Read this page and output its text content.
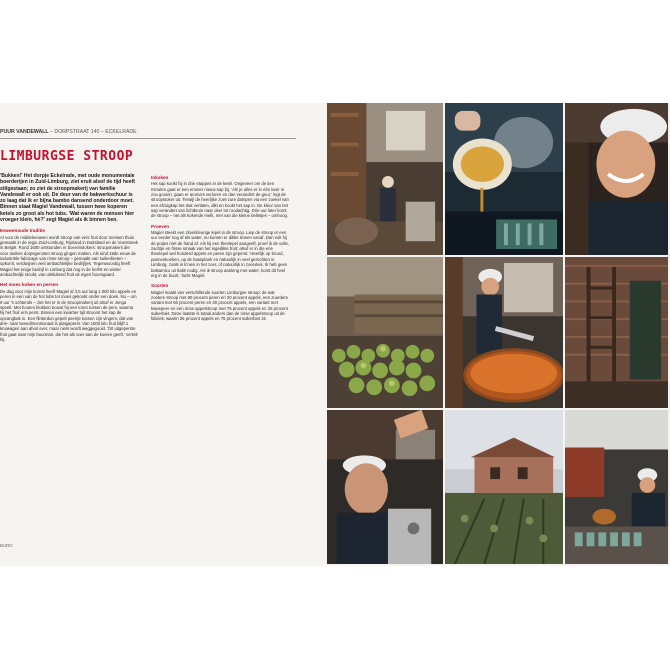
PUUR VANDEWALL – DORPSTRAAT 140 – ECKELRADE
LIMBURGSE STROOP

'Bukken!' Het dorpje Eckelrade, met oude monumentale boerderijen in Zuid-Limburg, ziet eruit alsof de tijd heeft stilgestaan; zo ziet de stroopmakerij van familie Vandewall er ook uit. De deur van de bakwerkschuur is zo laag dat ik er bijna bambo dansend onderdoor moet. Binnen staat Magiel Vandewall, tussen twee koperen ketels zo groot als hot tubs. 'Wat waren de mensen hier vroeger klein, hè?' zegt Magiel als ik binnen ben.

Eeuwenoude traditie

Al voor de middeleeuwen wordt stroop van vers fruit door mensen thuis gemaakt in de regio Zuid-Limburg, Rijnland in Duitsland en de Voerstreek in België. Rond 1600 ontstonden er boerenstokers: stroopmakers die voor andere dorpsgenoten stroop gingen maken. Als eind 19de eeuw de industriële fabricage van rinse stroop – gemaakt van suikerbieten – opkomt, verdwijnen veel ambachtelijke bedrijfjes. Tegenwoordig heeft Magiel het enige bedrijf in Limburg dat nog in de herfst en winter ambachtelijk stookt, van uitsluitend fruit uit eigen boomgaard.

Het moes koken en persen

De dag voor mijn komst heeft Magiel al 3,5 uur lang 1.000 kilo appels en peren in een van de hot tubs tot moes gekookt onder een doek. Nu – om 9 uur 's ochtends – ziet het er in de stroopmakerij uit alsof er Jenga speelt. Met houten blokken bouwt hij een toren tussen de pers, waarna hij het fruit erin perst. Binnen een kwartier tijd stroomt het sap de opvangbak in. Een flinterdun gepelt peertje tussen zijn vingers, dat van drie- naar tweedimensionaal is platgeperst. Van 1000 kilo fruit blijft 1 kruiwagen aan afval over, maar niets wordt weggegooid. 'Dit uitgeperste fruit gaat naar mijn buurman, die het als voer aan de koeien geeft,' vertelt hij.

Inkoken

Het sap kookt hij in drie etappes in de ketel. Ongeveer om de tien minuten gaat er een emmer nieuw sap bij. 'Als je alles er in één keer in zou gooien, gaan er aroma's verloren en dan verandert de geur,' legt de stroopstoker uit. Terwijl de heerlijke zoet-zure dampen via een zoekel van een afzuigkap het dak verlaten, dikt en kookt het sap in. De kleur van het sap verandert van lichtbruin naar oker tot roodachtig. Drie uur later komt de stroop – net als kokende melk, met van die kleine belletjes – omhoog.

Proeven

Magiel steekt een zilverkleurige lepel in de stroop. Liep de stroop er een uur eerder nog af als water, nu komen er dikke tranen vanaf. Dan vult hij de potjes met de hand af. Als hij een theelepel aangeeft, proef ik de volle, zachtje en frisse smaak van het ingedikte fruit; alsof er in die ene theelepel wel honderd appels en peren zijn geperst. 'Heerlijk op brood, pannenkoeken, op de kaasplank en natuurlijk in veel gerechten in Limburg, zoals in k'nien in het zoer, of natuurlijk in zoervleis. Ik heb geen balsamico uit Italië nodig. Als ik stroop aanleng met water, komt dit heel erg in de buurt,' lacht Magiel.

Soorten

Magiel maakt vier verschillende soorten Limburgse stroop: de wat zoetere stroop met 80 procent peren en 20 procent appels, een zuurdere variant met 60 procent peren en 40 procent appels, een variant met kweepeer en een rinse appelstroop met 75 procent appels en 25 procent suikerbiet. Deze laatste is totaal anders dan de rinse appelstroop uit de fabriek, waarin 25 procent appels en 75 procent suikerbiet zit.

BURG
